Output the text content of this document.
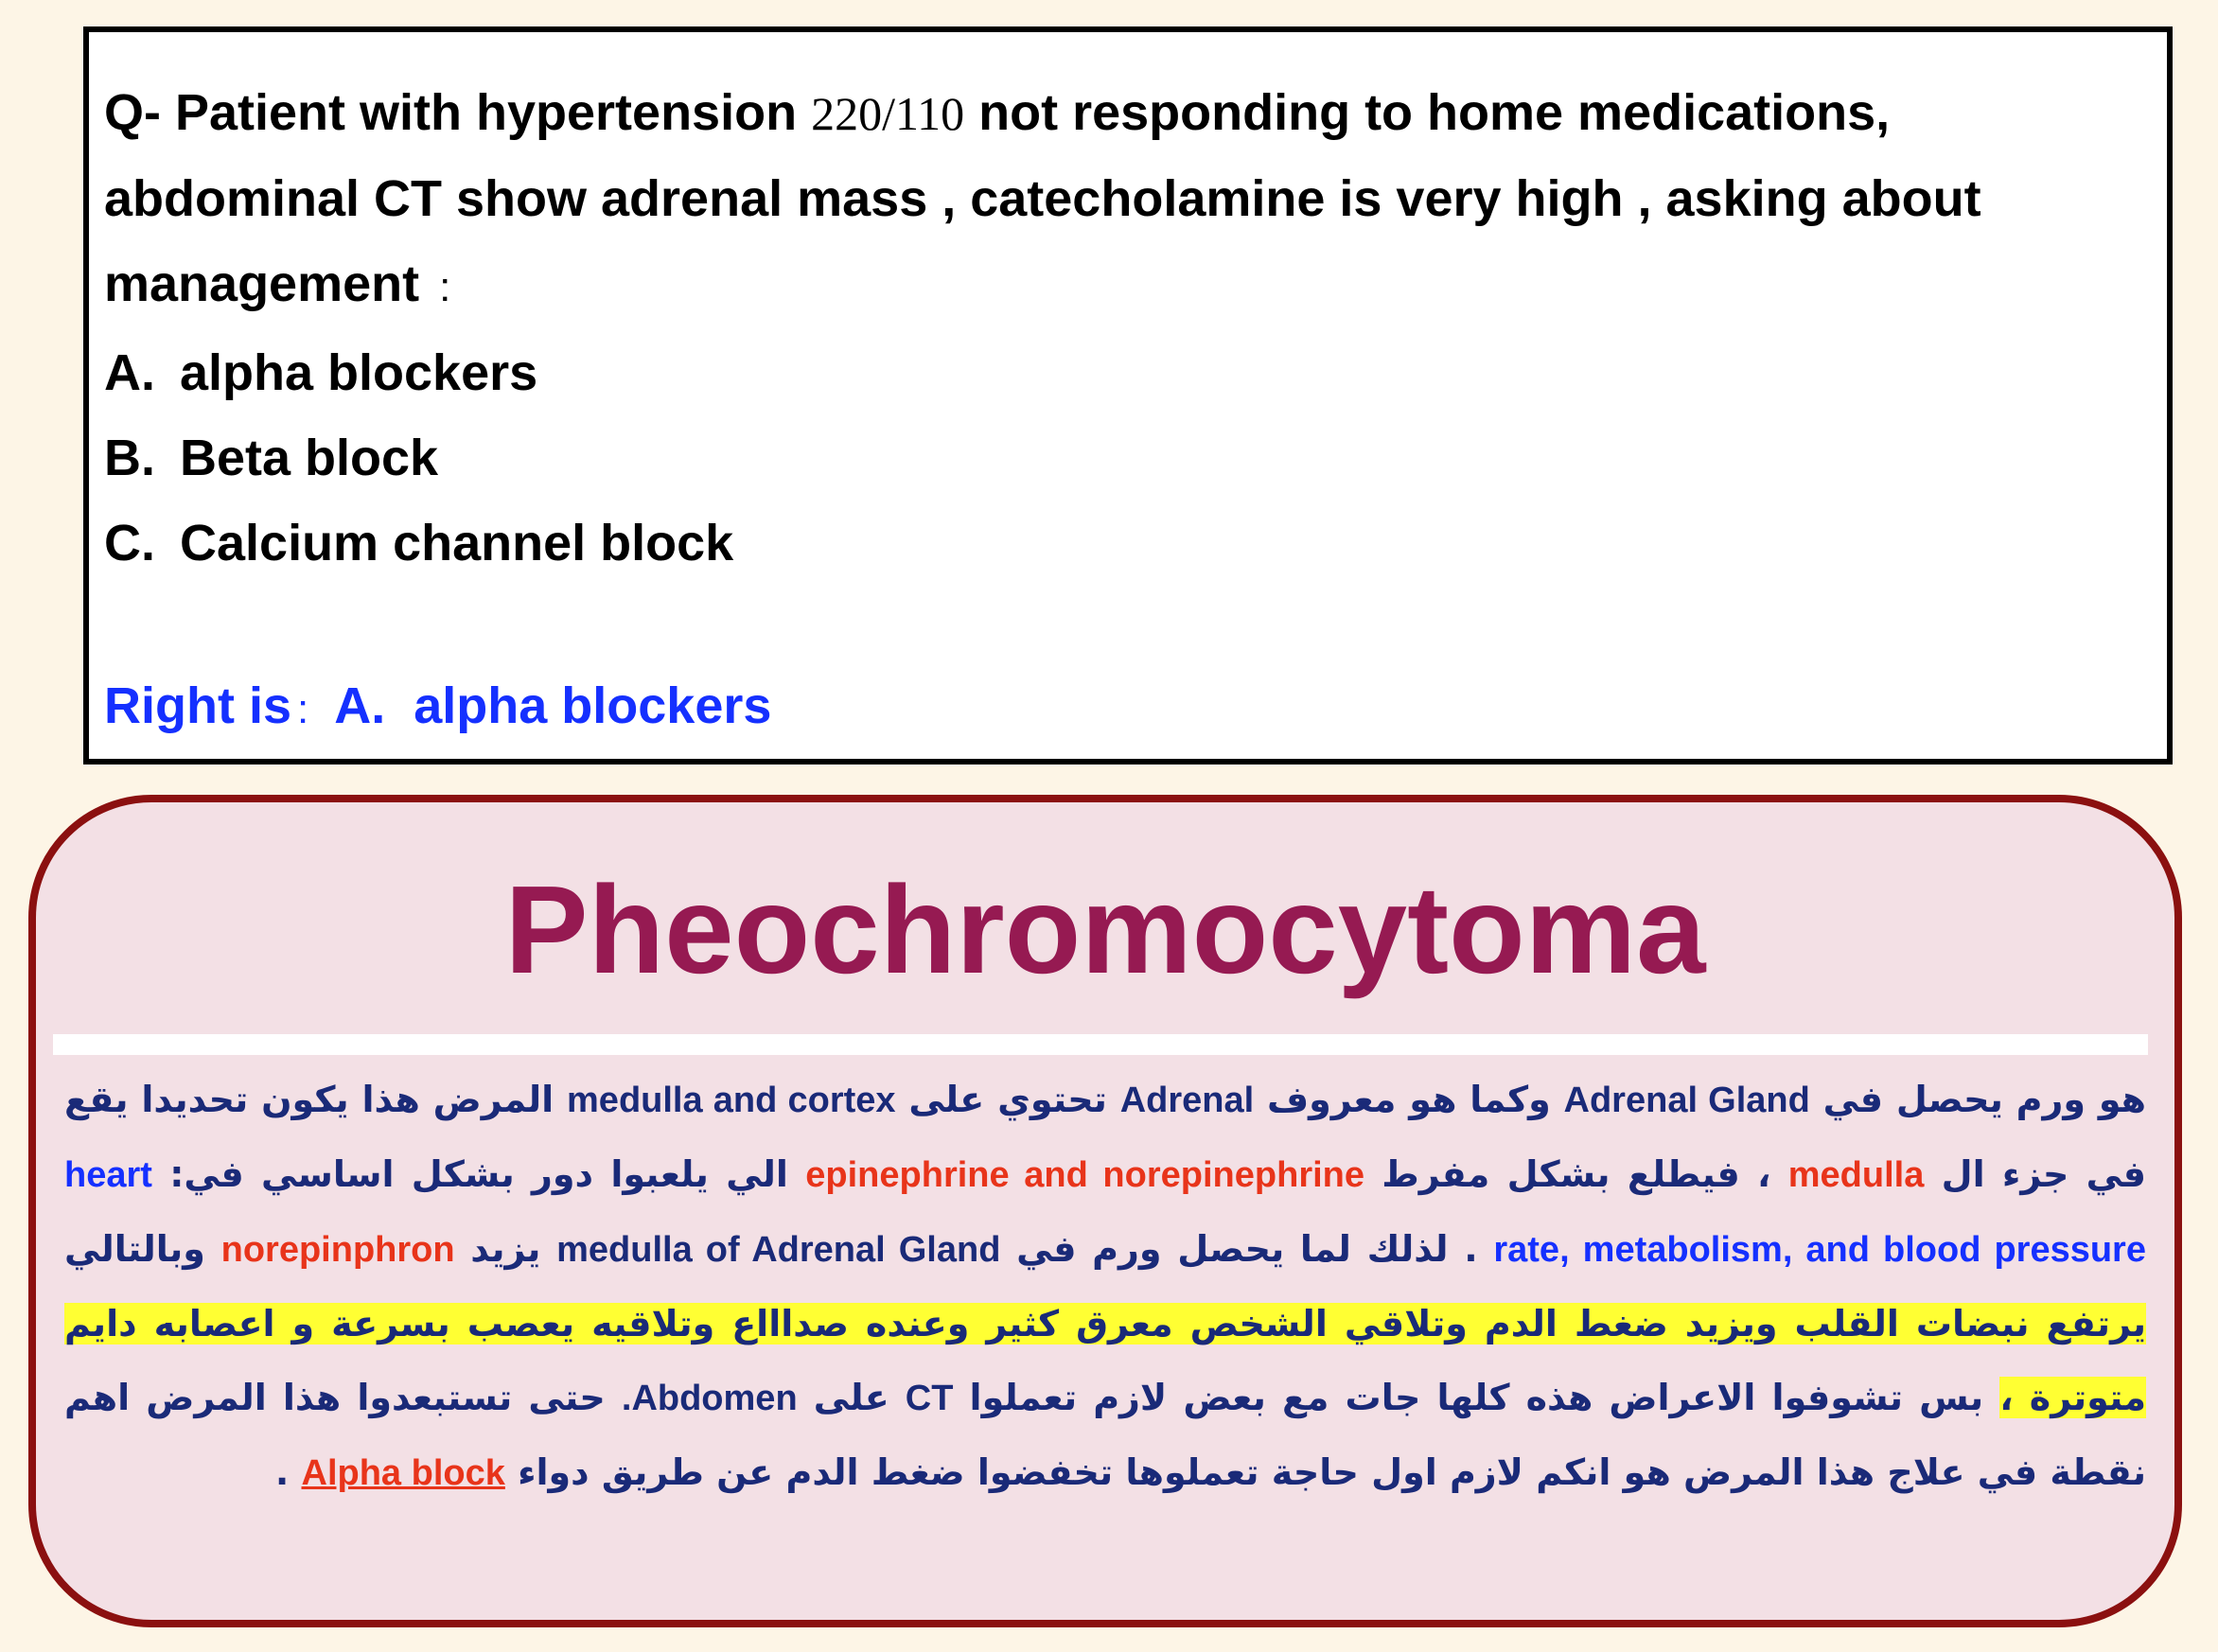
Q- Patient with hypertension 220/110 not responding to home medications,
abdominal CT show adrenal mass , catecholamine is very high , asking about
management :
A. alpha blockers
B. Beta block
C. Calcium channel block
Right is : A. alpha blockers
Pheochromocytoma
هو ورم يحصل في Adrenal Gland وكما هو معروف Adrenal تحتوي على medulla and cortex المرض هذا يكون تحديدا يقع في جزء ال medulla ، فيطلع بشكل مفرط epinephrine and norepinephrine الي يلعبوا دور بشكل اساسي في: heart rate, metabolism, and blood pressure . لذلك لما يحصل ورم في medulla of Adrenal Gland يزيد norepinphron وبالتالي يرتفع نبضات القلب ويزيد ضغط الدم وتلاقي الشخص معرق كثير وعنده صداااع وتلاقيه يعصب بسرعة و اعصابه دايم متوترة ، بس تشوفوا الاعراض هذه كلها جات مع بعض لازم تعملوا CT على Abdomen. حتى تستبعدوا هذا المرض اهم نقطة في علاج هذا المرض هو انكم لازم اول حاجة تعملوها تخفضوا ضغط الدم عن طريق دواء Alpha block .
